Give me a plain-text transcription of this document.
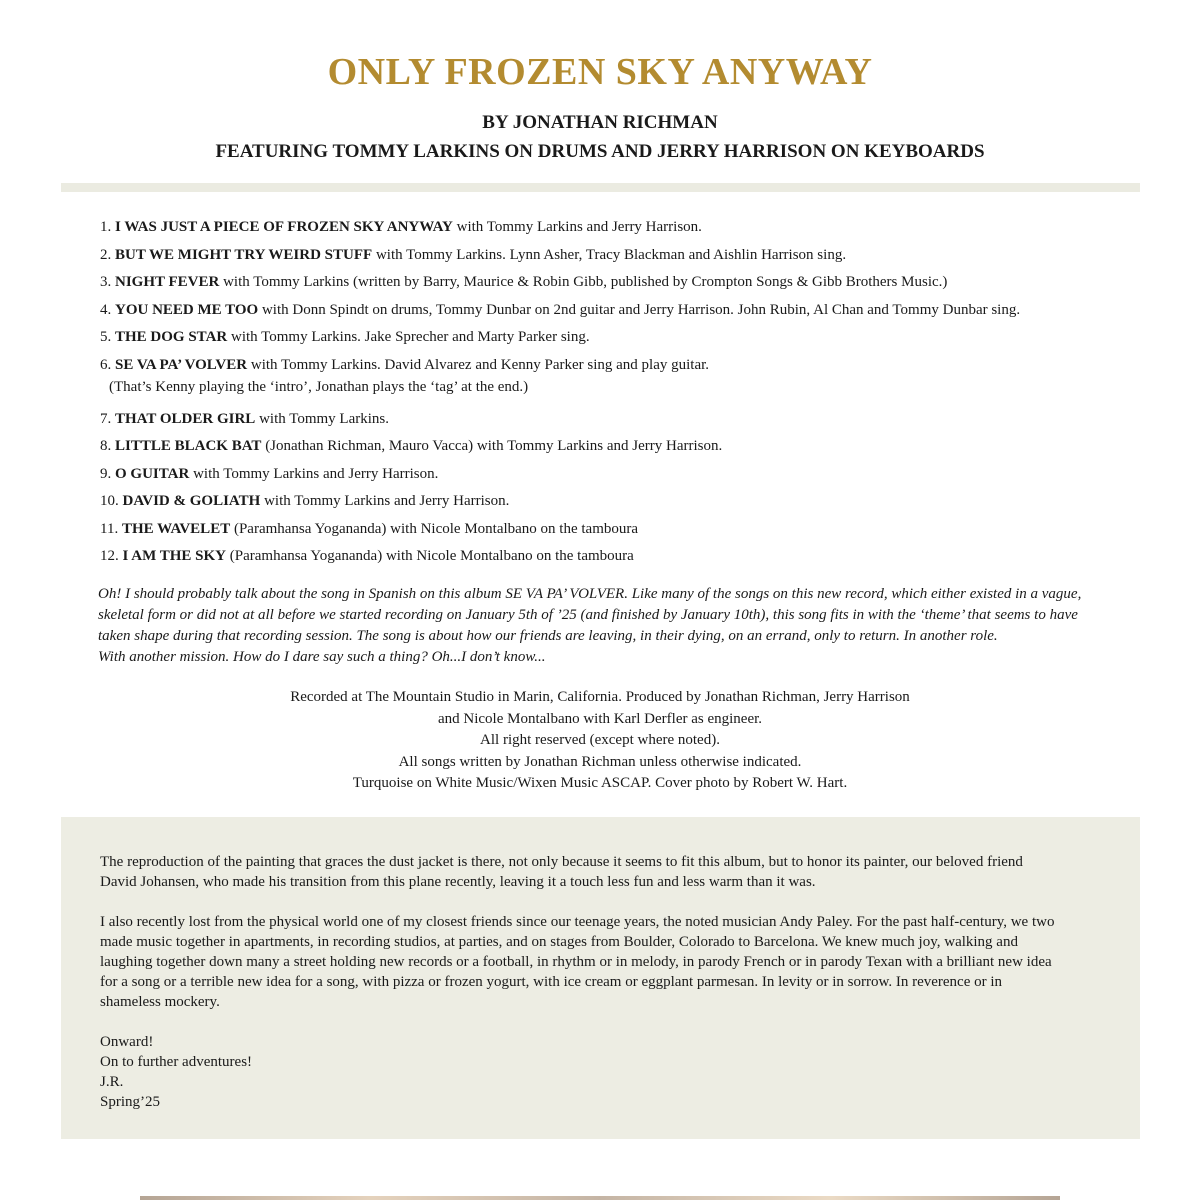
ONLY FROZEN SKY ANYWAY
BY JONATHAN RICHMAN
FEATURING TOMMY LARKINS ON DRUMS AND JERRY HARRISON ON KEYBOARDS
1. I WAS JUST A PIECE OF FROZEN SKY ANYWAY with Tommy Larkins and Jerry Harrison.
2. BUT WE MIGHT TRY WEIRD STUFF with Tommy Larkins. Lynn Asher, Tracy Blackman and Aishlin Harrison sing.
3. NIGHT FEVER with Tommy Larkins (written by Barry, Maurice & Robin Gibb, published by Crompton Songs & Gibb Brothers Music.)
4. YOU NEED ME TOO with Donn Spindt on drums, Tommy Dunbar on 2nd guitar and Jerry Harrison. John Rubin, Al Chan and Tommy Dunbar sing.
5. THE DOG STAR with Tommy Larkins. Jake Sprecher and Marty Parker sing.
6. SE VA PA’ VOLVER with Tommy Larkins. David Alvarez and Kenny Parker sing and play guitar.
(That’s Kenny playing the ‘intro’, Jonathan plays the ‘tag’ at the end.)
7. THAT OLDER GIRL with Tommy Larkins.
8. LITTLE BLACK BAT (Jonathan Richman, Mauro Vacca) with Tommy Larkins and Jerry Harrison.
9. O GUITAR with Tommy Larkins and Jerry Harrison.
10. DAVID & GOLIATH with Tommy Larkins and Jerry Harrison.
11. THE WAVELET (Paramhansa Yogananda) with Nicole Montalbano on the tamboura
12. I AM THE SKY (Paramhansa Yogananda) with Nicole Montalbano on the tamboura
Oh! I should probably talk about the song in Spanish on this album SE VA PA’ VOLVER. Like many of the songs on this new record, which either existed in a vague,
skeletal form or did not at all before we started recording on January 5th of ’25 (and finished by January 10th), this song fits in with the ‘theme’ that seems to have
taken shape during that recording session. The song is about how our friends are leaving, in their dying, on an errand, only to return. In another role.
With another mission. How do I dare say such a thing? Oh...I don’t know...
Recorded at The Mountain Studio in Marin, California. Produced by Jonathan Richman, Jerry Harrison
and Nicole Montalbano with Karl Derfler as engineer.
All right reserved (except where noted).
All songs written by Jonathan Richman unless otherwise indicated.
Turquoise on White Music/Wixen Music ASCAP. Cover photo by Robert W. Hart.
The reproduction of the painting that graces the dust jacket is there, not only because it seems to fit this album, but to honor its painter, our beloved friend
David Johansen, who made his transition from this plane recently, leaving it a touch less fun and less warm than it was.
I also recently lost from the physical world one of my closest friends since our teenage years, the noted musician Andy Paley. For the past half-century, we two
made music together in apartments, in recording studios, at parties, and on stages from Boulder, Colorado to Barcelona. We knew much joy, walking and
laughing together down many a street holding new records or a football, in rhythm or in melody, in parody French or in parody Texan with a brilliant new idea
for a song or a terrible new idea for a song, with pizza or frozen yogurt, with ice cream or eggplant parmesan. In levity or in sorrow. In reverence or in
shameless mockery.
Onward!
On to further adventures!
J.R.
Spring’25
